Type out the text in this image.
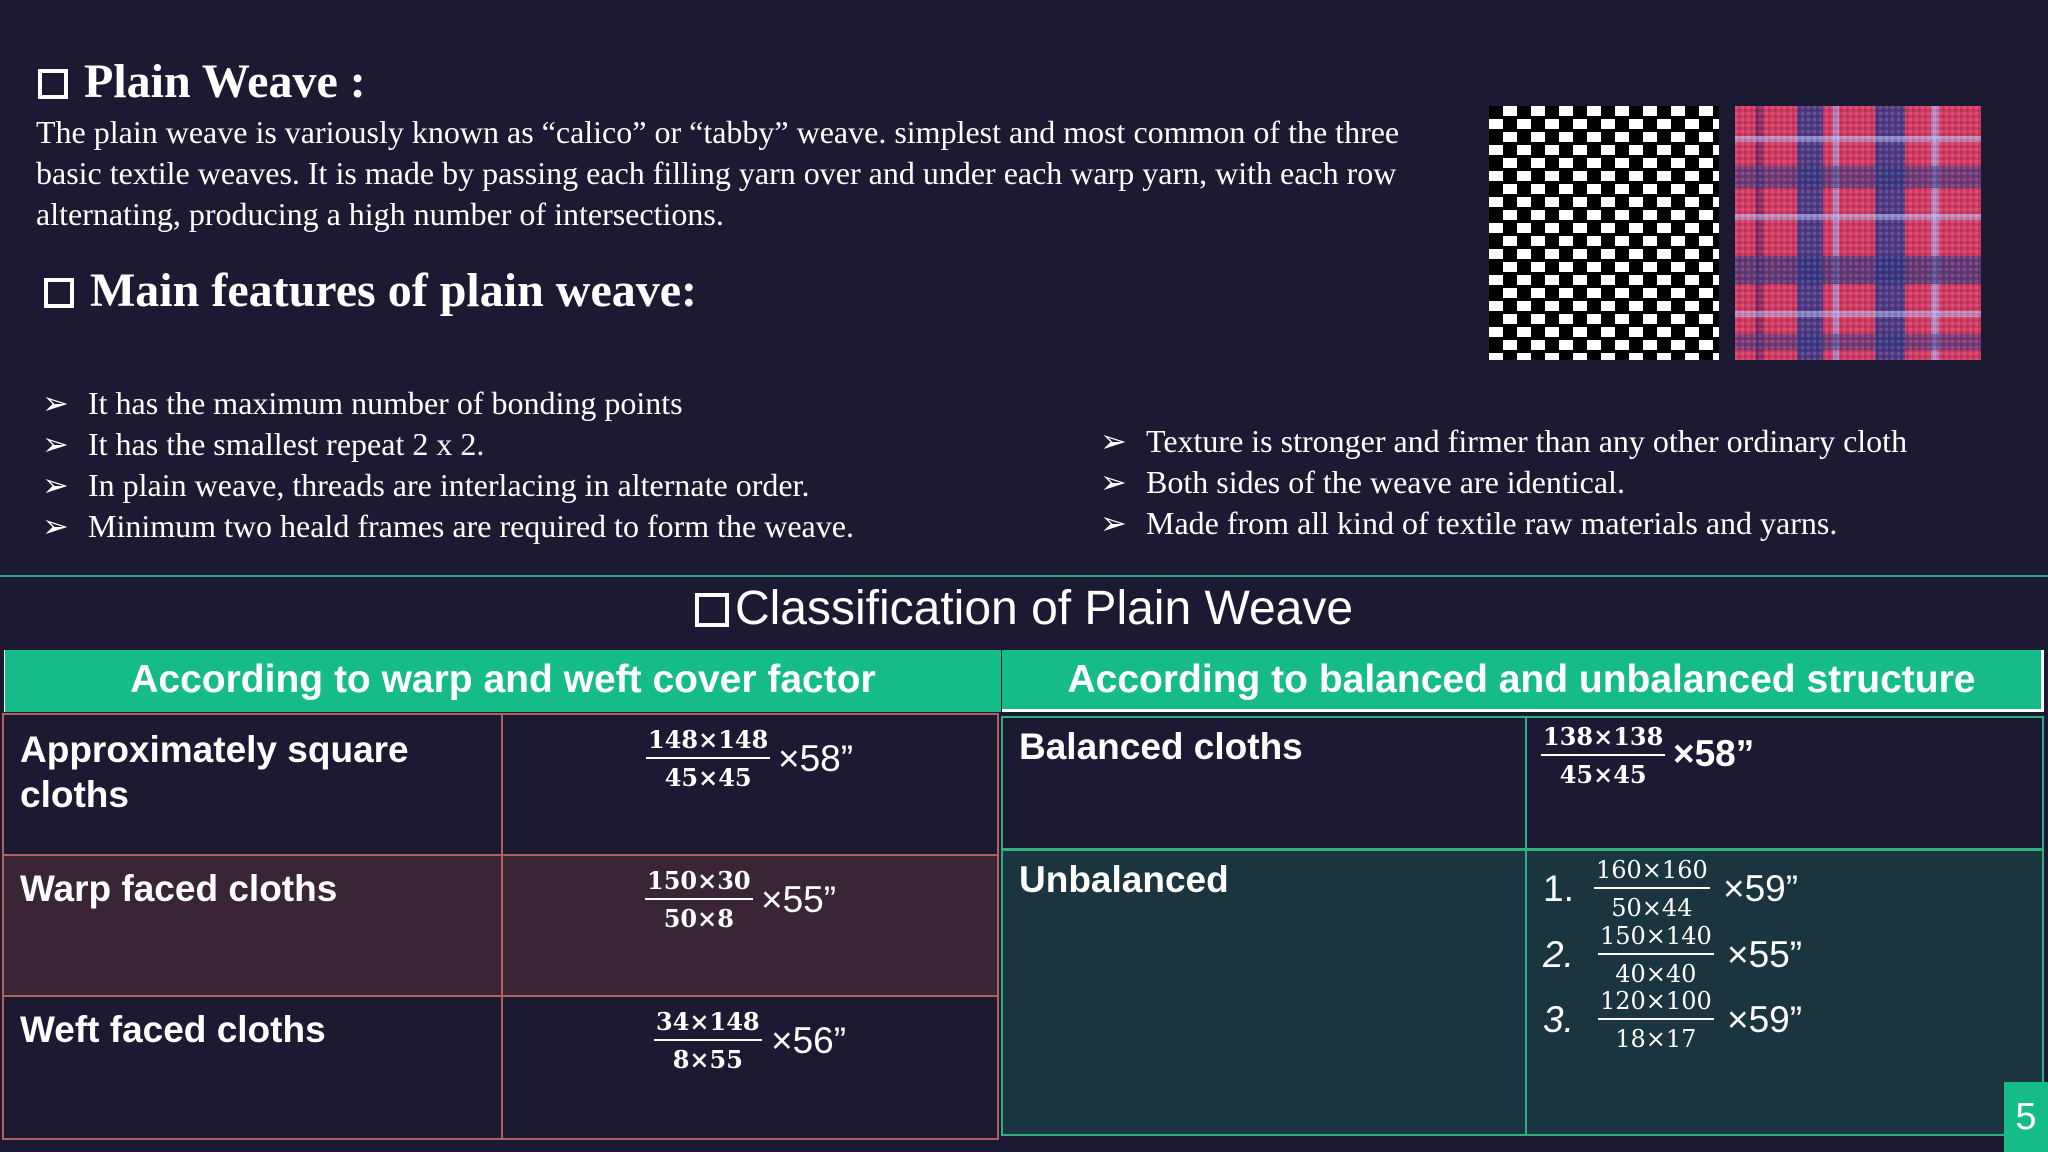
Plain Weave :
The plain weave is variously known as “calico” or “tabby” weave. simplest and most common of the three
basic textile weaves. It is made by passing each filling yarn over and under each warp yarn, with each row
alternating, producing a high number of intersections.
Main features of plain weave:
➢ It has the maximum number of bonding points
➢ It has the smallest repeat 2 x 2.
➢ In plain weave, threads are interlacing in alternate order.
➢ Minimum two heald frames are required to form the weave.
➢ Texture is stronger and firmer than any other ordinary cloth
➢ Both sides of the weave are identical.
➢ Made from all kind of textile raw materials and yarns.
Classification of Plain Weave
According to warp and weft cover factor	According to balanced and unbalanced structure
Approximately square cloths	$\frac{148\times 148}{45\times 45} \times 58$”
Warp faced cloths	$\frac{150\times 30}{50\times 8} \times 55$”
Weft faced cloths	$\frac{34\times 148}{8\times 55} \times 56$”
Balanced cloths	$\frac{138\times 138}{45\times 45} \times 58$”
Unbalanced	1. $\frac{160\times 160}{50\times 44} \times 59$”
2. $\frac{150\times 140}{40\times 40} \times 55$”
3. $\frac{120\times 100}{18\times 17} \times 59$”
5
